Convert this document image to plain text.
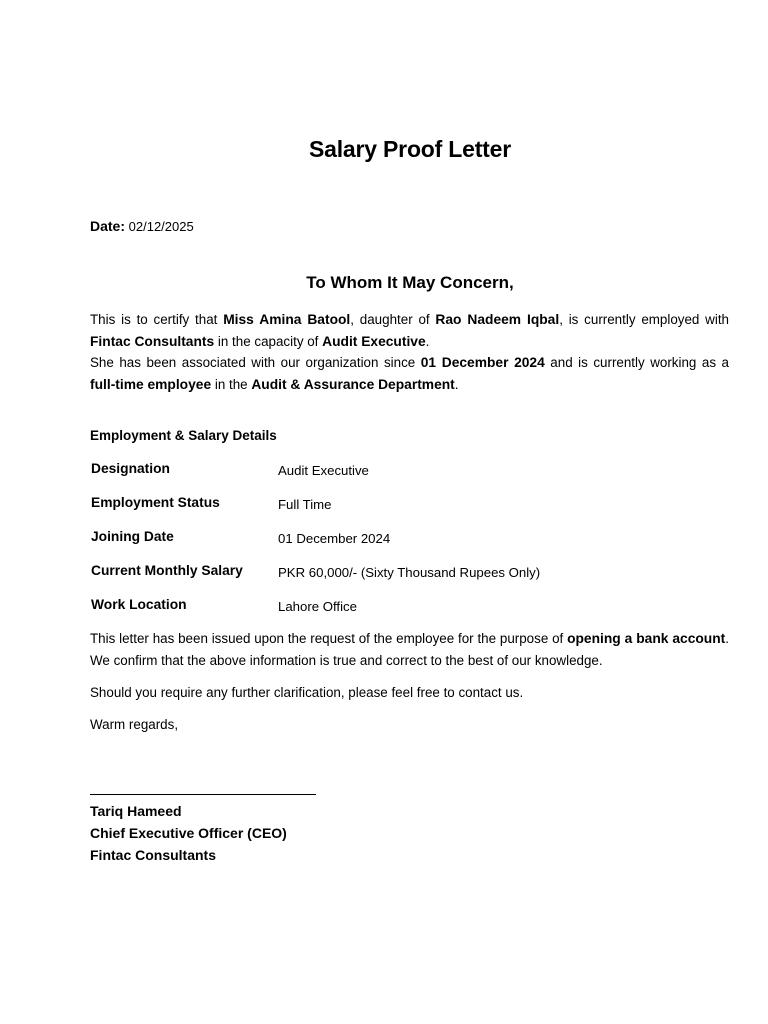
Salary Proof Letter
Date: 02/12/2025
To Whom It May Concern,
This is to certify that Miss Amina Batool, daughter of Rao Nadeem Iqbal, is currently employed with Fintac Consultants in the capacity of Audit Executive.
She has been associated with our organization since 01 December 2024 and is currently working as a full-time employee in the Audit & Assurance Department.
Employment & Salary Details
Designation	Audit Executive
Employment Status	Full Time
Joining Date	01 December 2024
Current Monthly Salary	PKR 60,000/- (Sixty Thousand Rupees Only)
Work Location	Lahore Office
This letter has been issued upon the request of the employee for the purpose of opening a bank account. We confirm that the above information is true and correct to the best of our knowledge.
Should you require any further clarification, please feel free to contact us.
Warm regards,
Tariq Hameed
Chief Executive Officer (CEO)
Fintac Consultants
